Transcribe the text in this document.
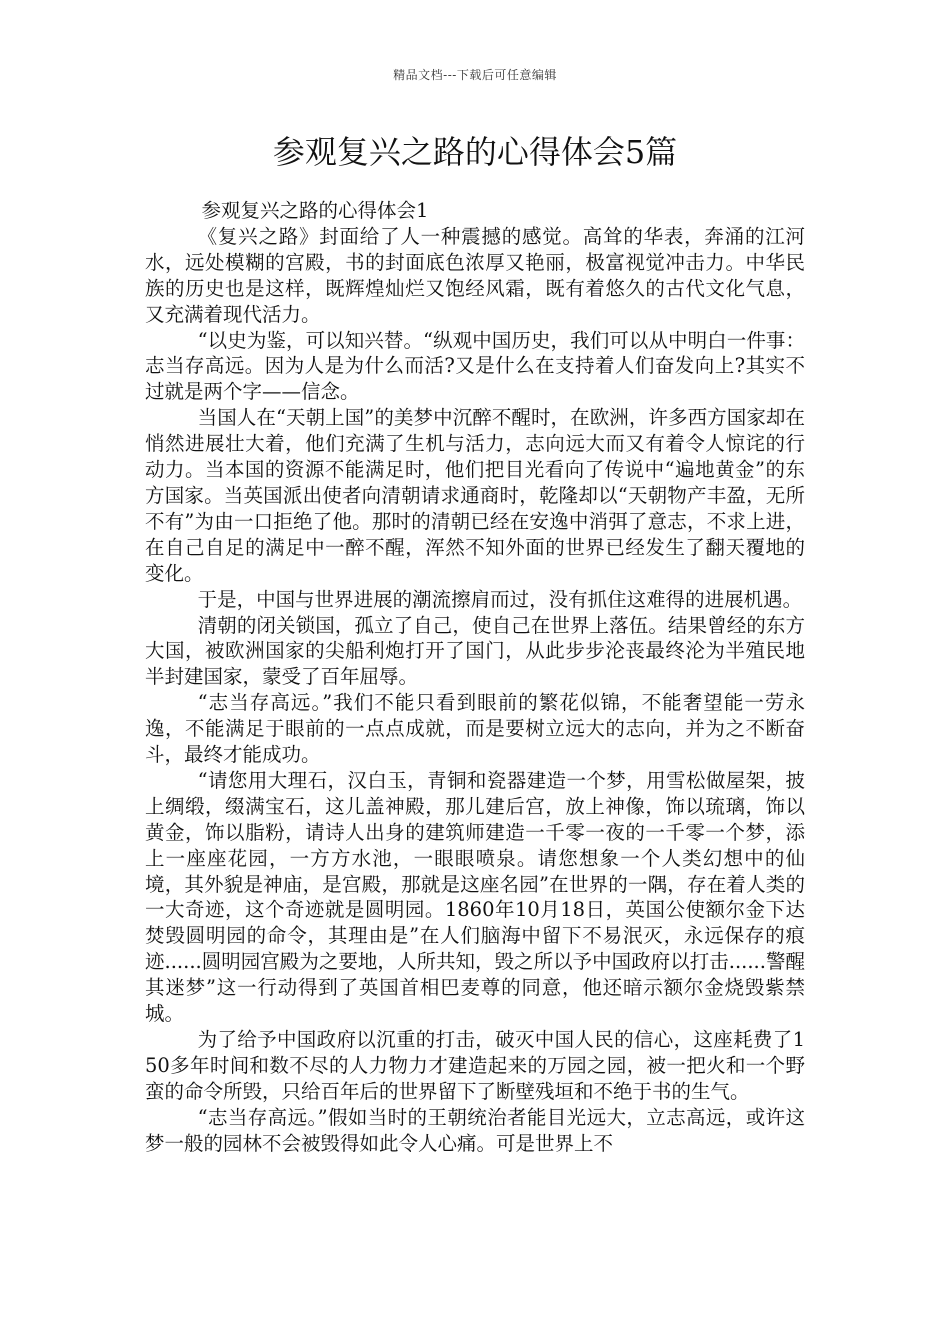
精品文档---下载后可任意编辑
参观复兴之路的心得体会5篇

参观复兴之路的心得体会1

《复兴之路》封面给了人一种震撼的感觉。高耸的华表，奔涌的江河水，远处模糊的宫殿，书的封面底色浓厚又艳丽，极富视觉冲击力。中华民族的历史也是这样，既辉煌灿烂又饱经风霜，既有着悠久的古代文化气息，又充满着现代活力。

“以史为鉴，可以知兴替。“纵观中国历史，我们可以从中明白一件事：志当存高远。因为人是为什么而活?又是什么在支持着人们奋发向上?其实不过就是两个字——信念。

当国人在“天朝上国”的美梦中沉醉不醒时，在欧洲，许多西方国家却在悄然进展壮大着，他们充满了生机与活力，志向远大而又有着令人惊诧的行动力。当本国的资源不能满足时，他们把目光看向了传说中“遍地黄金”的东方国家。当英国派出使者向清朝请求通商时，乾隆却以“天朝物产丰盈，无所不有”为由一口拒绝了他。那时的清朝已经在安逸中消弭了意志，不求上进，在自己自足的满足中一醉不醒，浑然不知外面的世界已经发生了翻天覆地的变化。

于是，中国与世界进展的潮流擦肩而过，没有抓住这难得的进展机遇。

清朝的闭关锁国，孤立了自己，使自己在世界上落伍。结果曾经的东方大国，被欧洲国家的尖船利炮打开了国门，从此步步沦丧最终沦为半殖民地半封建国家，蒙受了百年屈辱。

“志当存高远。”我们不能只看到眼前的繁花似锦，不能奢望能一劳永逸，不能满足于眼前的一点点成就，而是要树立远大的志向，并为之不断奋斗，最终才能成功。

“请您用大理石，汉白玉，青铜和瓷器建造一个梦，用雪松做屋架，披上绸缎，缀满宝石，这儿盖神殿，那儿建后宫，放上神像，饰以琉璃，饰以黄金，饰以脂粉，请诗人出身的建筑师建造一千零一夜的一千零一个梦，添上一座座花园，一方方水池，一眼眼喷泉。请您想象一个人类幻想中的仙境，其外貌是神庙，是宫殿，那就是这座名园”在世界的一隅，存在着人类的一大奇迹，这个奇迹就是圆明园。1860年10月18日，英国公使额尔金下达焚毁圆明园的命令，其理由是”在人们脑海中留下不易泯灭，永远保存的痕迹......圆明园宫殿为之要地，人所共知，毁之所以予中国政府以打击......警醒其迷梦”这一行动得到了英国首相巴麦尊的同意，他还暗示额尔金烧毁紫禁城。

为了给予中国政府以沉重的打击，破灭中国人民的信心，这座耗费了150多年时间和数不尽的人力物力才建造起来的万园之园，被一把火和一个野蛮的命令所毁，只给百年后的世界留下了断壁残垣和不绝于书的生气。

“志当存高远。”假如当时的王朝统治者能目光远大，立志高远，或许这梦一般的园林不会被毁得如此令人心痛。可是世界上不
